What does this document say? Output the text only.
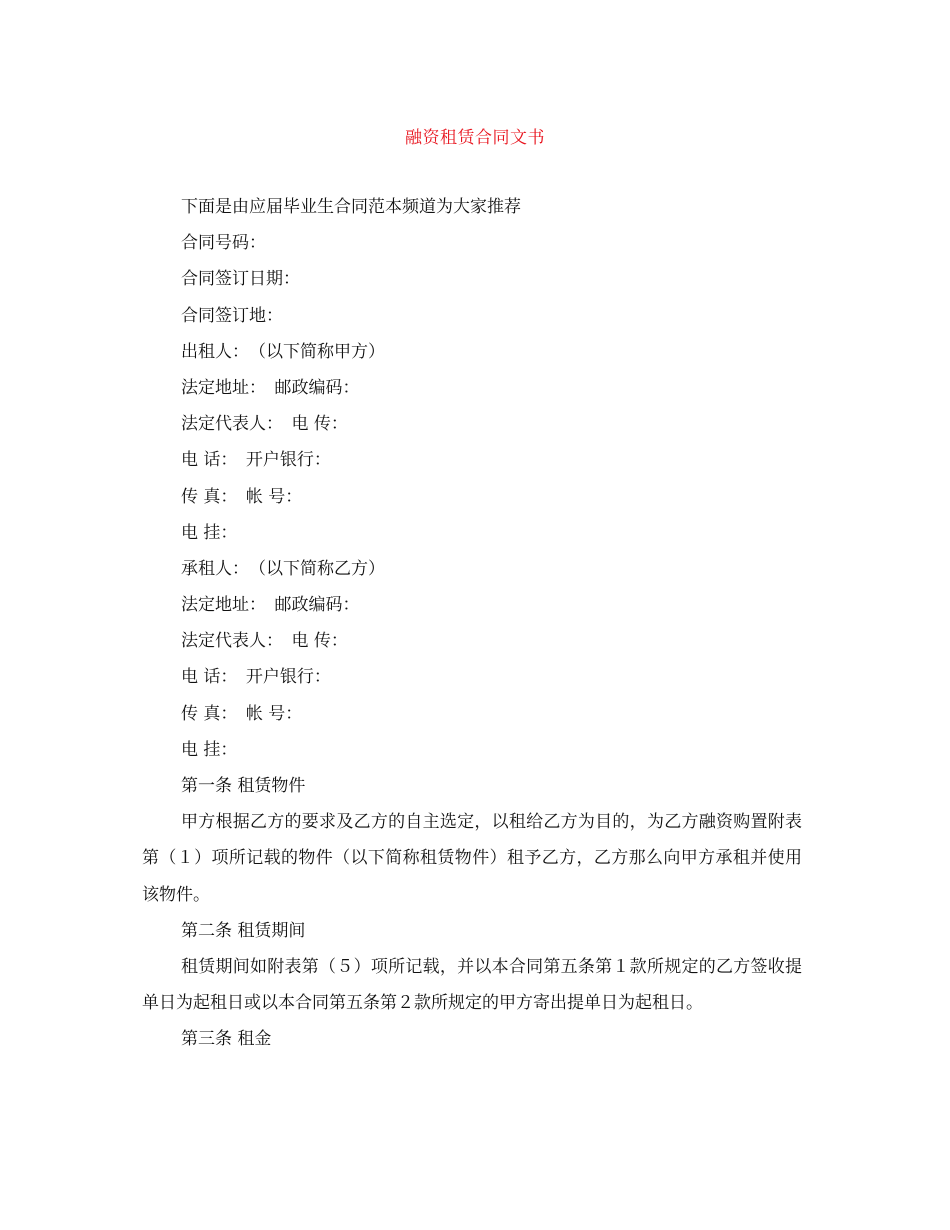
融资租赁合同文书
下面是由应届毕业生合同范本频道为大家推荐
合同号码：
合同签订日期：
合同签订地：
出租人：　（以下简称甲方）
法定地址：　邮政编码：
法定代表人：　电 传：
电 话：　开户银行：
传 真：　帐 号：
电 挂：
承租人：　（以下简称乙方）
法定地址：　邮政编码：
法定代表人：　电 传：
电 话：　开户银行：
传 真：　帐 号：
电 挂：
第一条 租赁物件
甲方根据乙方的要求及乙方的自主选定，以租给乙方为目的，为乙方融资购置附表第（１）项所记载的物件（以下简称租赁物件）租予乙方，乙方那么向甲方承租并使用该物件。
第二条 租赁期间
租赁期间如附表第（５）项所记载，并以本合同第五条第１款所规定的乙方签收提单日为起租日或以本合同第五条第２款所规定的甲方寄出提单日为起租日。
第三条 租金
